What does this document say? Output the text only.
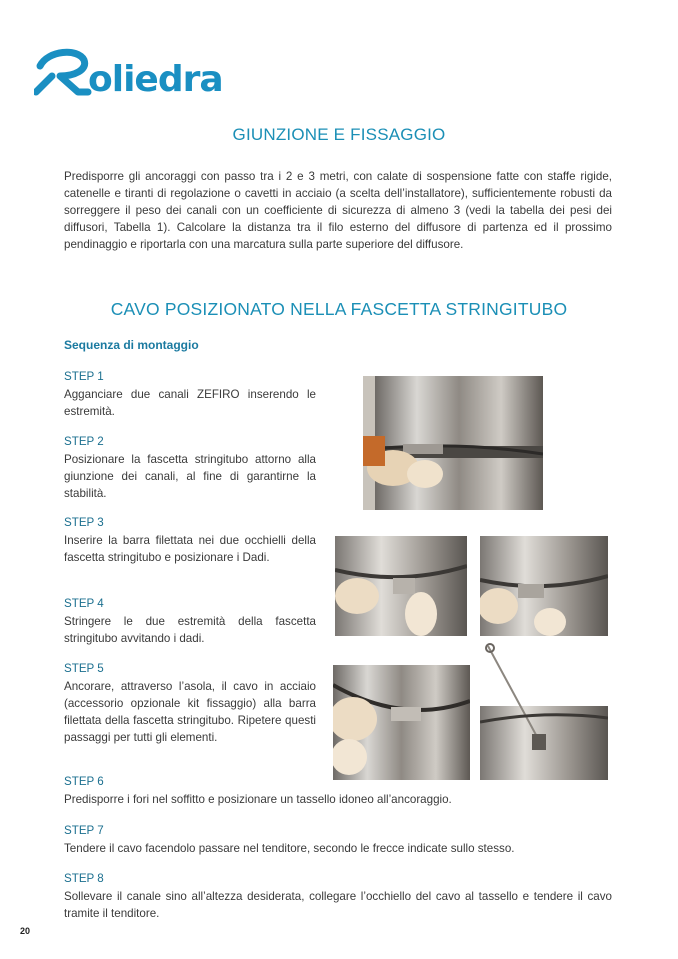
oliedra
GIUNZIONE E FISSAGGIO

Predisporre gli ancoraggi con passo tra i 2 e 3 metri, con calate di sospensione fatte con staffe rigide, catenelle e tiranti di regolazione o cavetti in acciaio (a scelta dell’installatore), sufficientemente robusti da sorreggere il peso dei canali con un coefficiente di sicurezza di almeno 3 (vedi la tabella dei pesi dei diffusori, Tabella 1). Calcolare la distanza tra il filo esterno del diffusore di partenza ed il prossimo pendinaggio e riportarla con una marcatura sulla parte superiore del diffusore.

CAVO POSIZIONATO NELLA FASCETTA STRINGITUBO
Sequenza di montaggio
STEP 1

Agganciare due canali ZEFIRO inserendo le estremità.

STEP 2

Posizionare la fascetta stringitubo attorno alla giunzione dei canali, al fine di garantirne la stabilità.

STEP 3

Inserire la barra filettata nei due occhielli della fascetta stringitubo e posizionare i Dadi.

STEP 4

Stringere le due estremità della fascetta stringitubo avvitando i dadi.

STEP 5

Ancorare, attraverso l’asola, il cavo in acciaio (accessorio opzionale kit fissaggio) alla barra filettata della fascetta stringitubo. Ripetere questi passaggi per tutti gli elementi.

STEP 6

Predisporre i fori nel soffitto e posizionare un tassello idoneo all’ancoraggio.

STEP 7

Tendere il cavo facendolo passare nel tenditore, secondo le frecce indicate sullo stesso.

STEP 8

Sollevare il canale sino all’altezza desiderata, collegare l’occhiello del cavo al tassello e tendere il cavo tramite il tenditore.

20
